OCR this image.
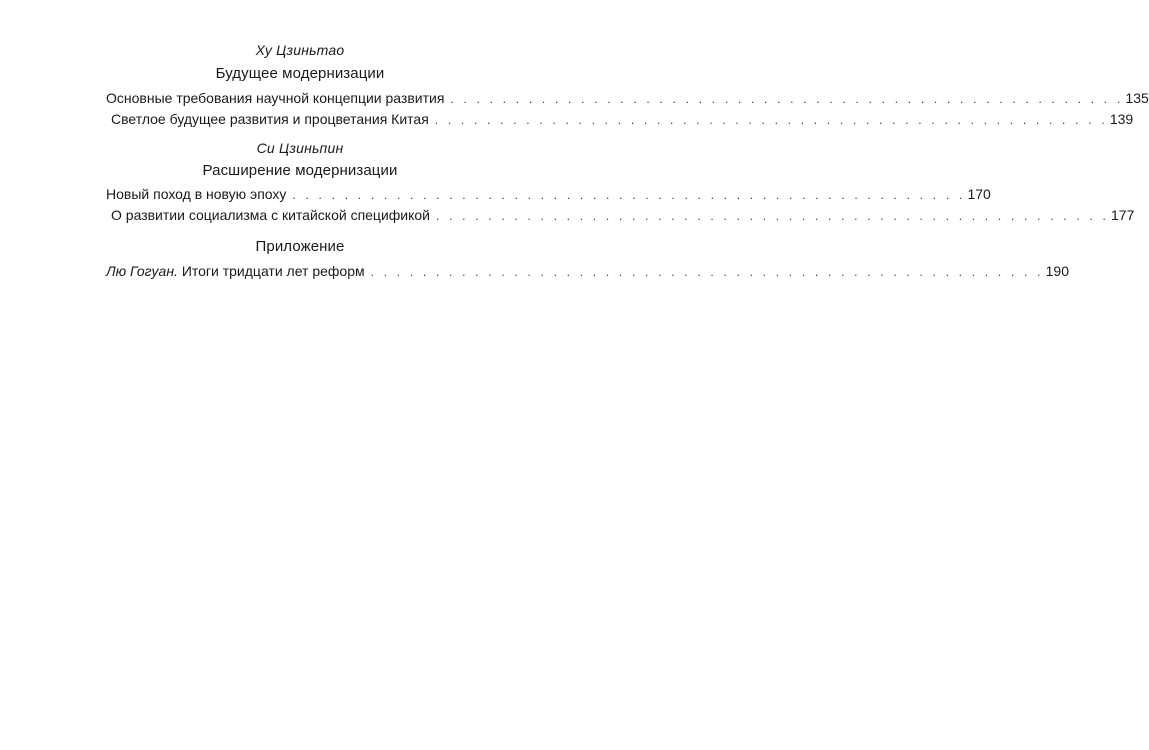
Ху Цзиньтао
Будущее модернизации
Основные требования научной концепции развития . . . . . . . . . . . . . . . . . . . . . . . . . . . . . . . . . . . . . . . . . . . . . . . . . . . . 135
Светлое будущее развития и процветания Китая . . . . . . . . . . . . . . . . . . . . . . . . . . . . . . . . . . . . . . . . . . . . . . . . . . . . 139
Си Цзиньпин
Расширение модернизации
Новый поход в новую эпоху . . . . . . . . . . . . . . . . . . . . . . . . . . . . . . . . . . . . . . . . . . . . . . . . . . . . 170
О развитии социализма с китайской спецификой . . . . . . . . . . . . . . . . . . . . . . . . . . . . . . . . . . . . . . . . . . . . . . . . . . . . 177
Приложение
Лю Гогуан. Итоги тридцати лет реформ . . . . . . . . . . . . . . . . . . . . . . . . . . . . . . . . . . . . . . . . . . . . . . . . . . . . 190
